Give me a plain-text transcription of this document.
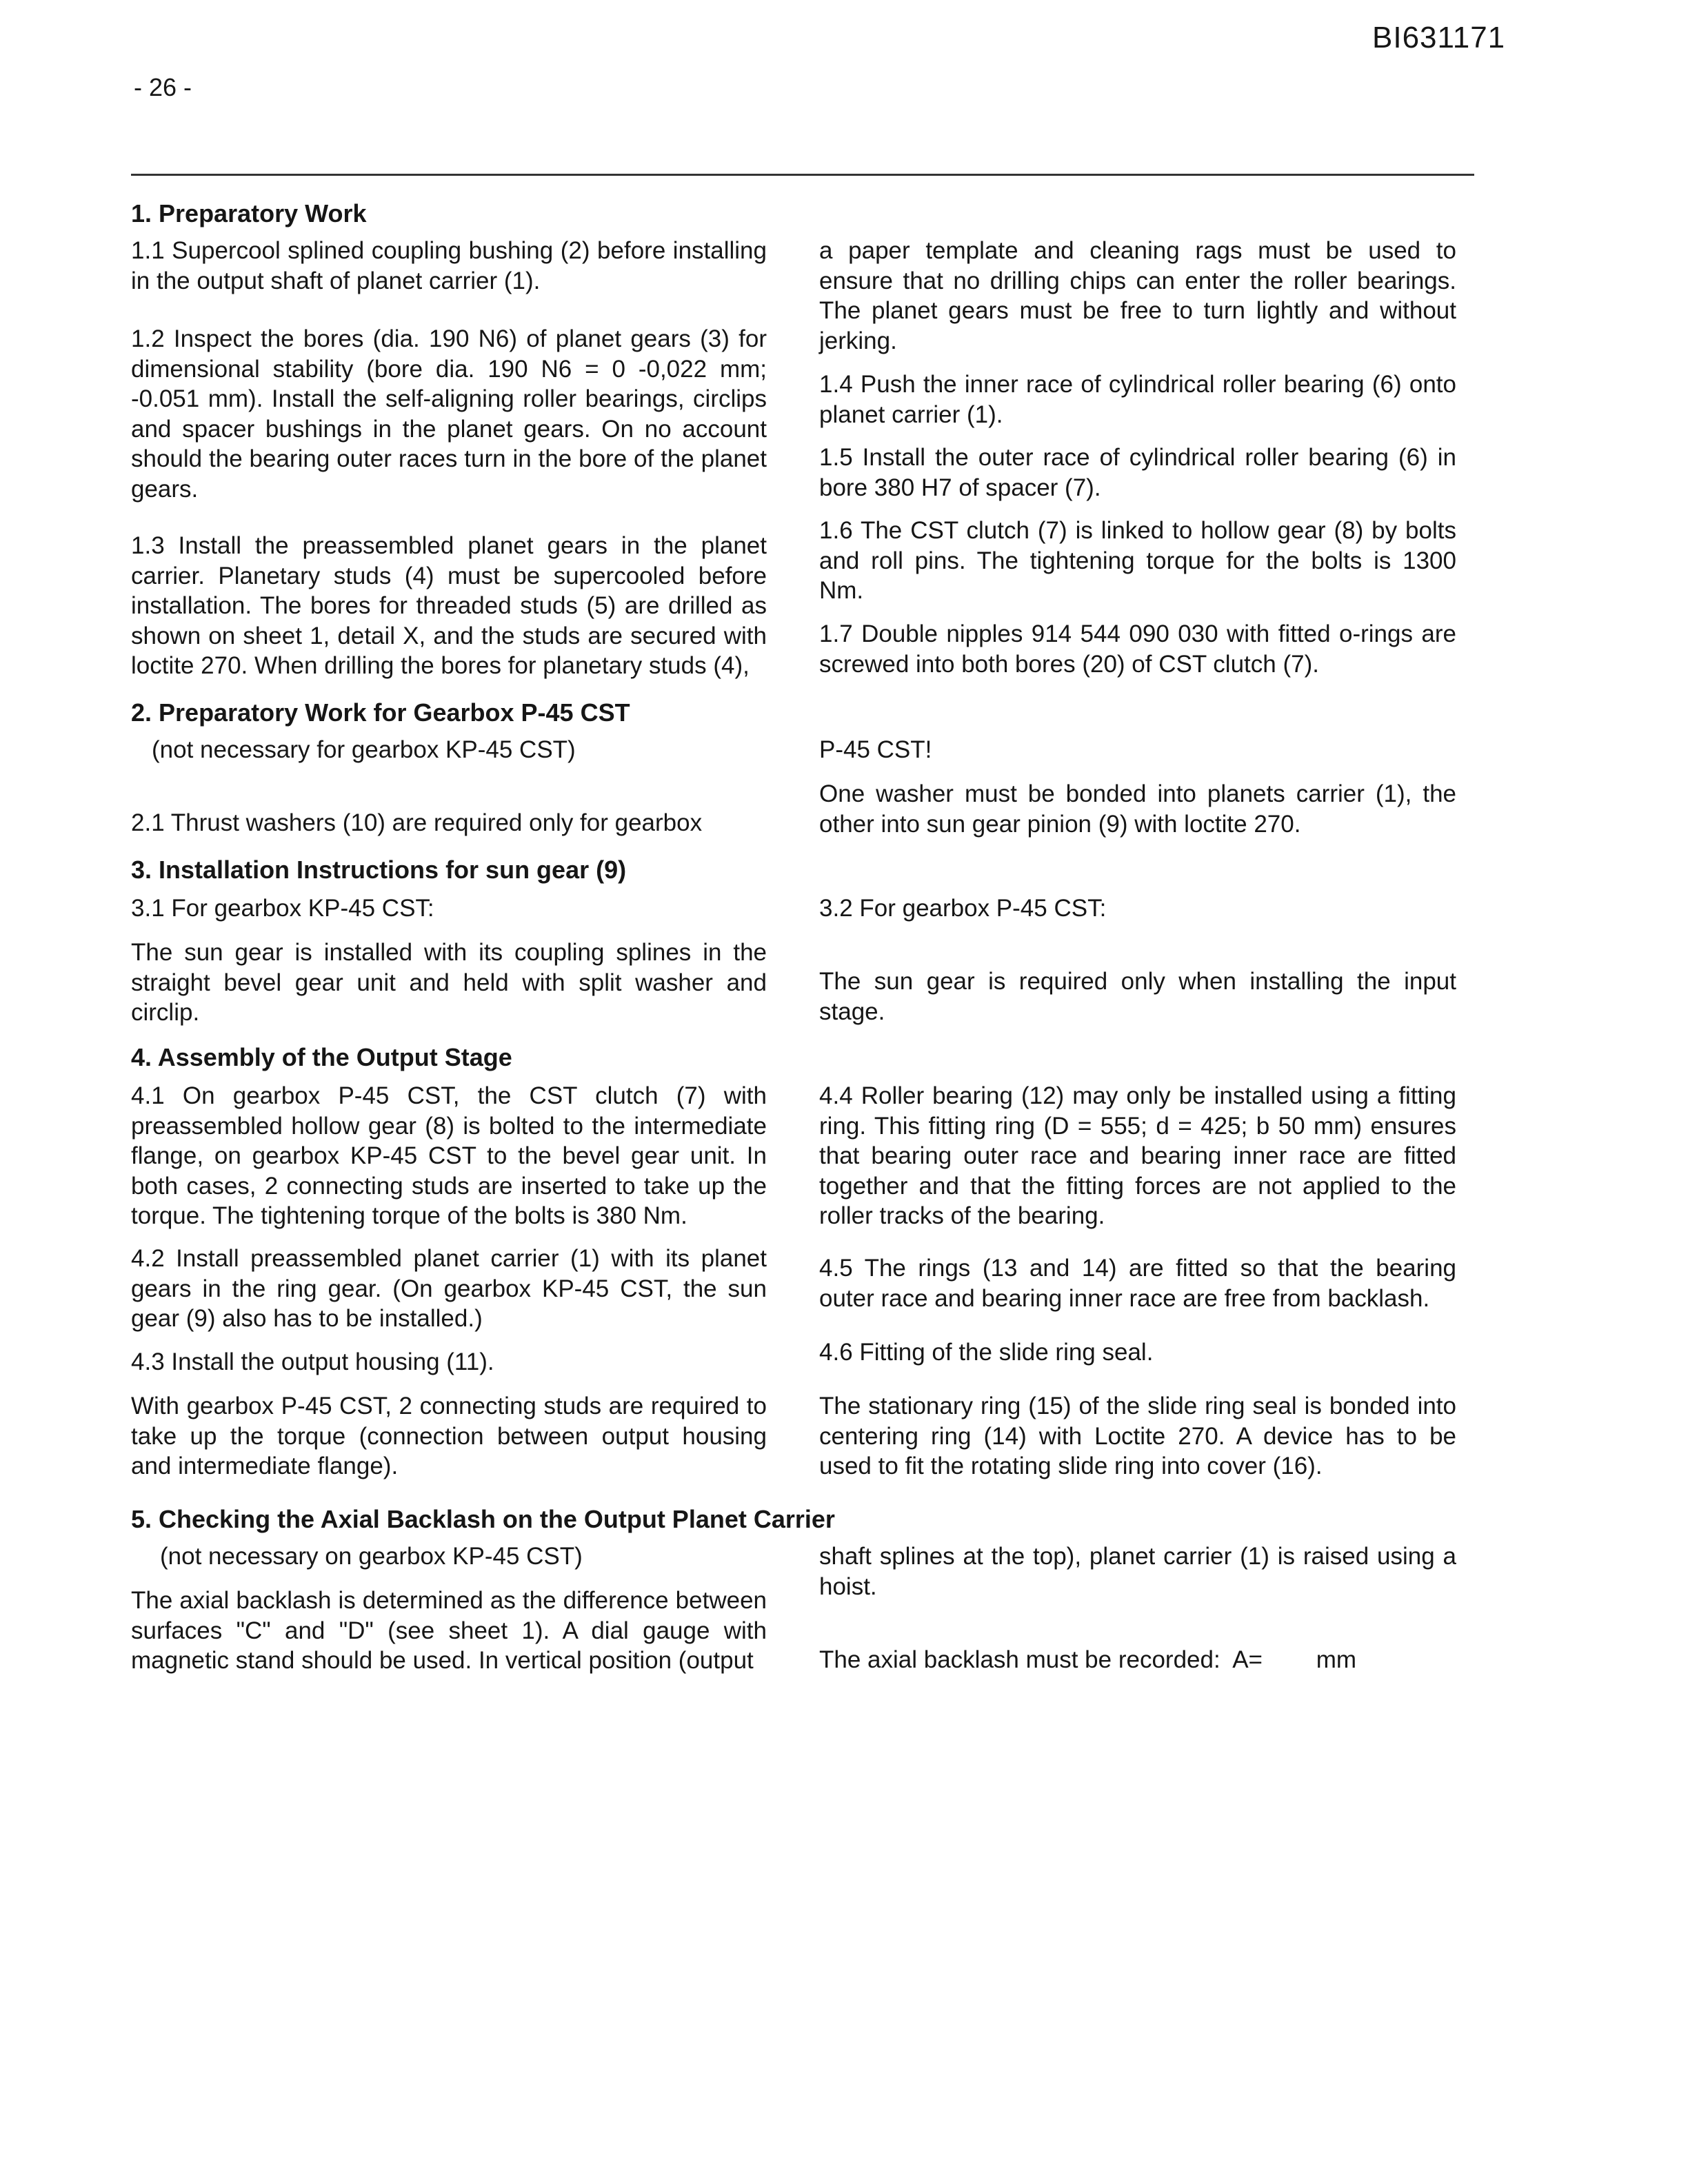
BI631171
- 26 -
1. Preparatory Work

1.1 Supercool splined coupling bushing (2) before installing in the output shaft of planet carrier (1).

1.2 Inspect the bores (dia. 190 N6) of planet gears (3) for dimensional stability (bore dia. 190 N6 = 0 -0,022 mm; -0.051 mm). Install the self-aligning roller bearings, circlips and spacer bushings in the planet gears. On no account should the bearing outer races turn in the bore of the planet gears.

1.3 Install the preassembled planet gears in the planet carrier. Planetary studs (4) must be supercooled before installation. The bores for threaded studs (5) are drilled as shown on sheet 1, detail X, and the studs are secured with loctite 270. When drilling the bores for planetary studs (4),

a paper template and cleaning rags must be used to ensure that no drilling chips can enter the roller bearings. The planet gears must be free to turn lightly and without jerking.

1.4 Push the inner race of cylindrical roller bearing (6) onto planet carrier (1).

1.5 Install the outer race of cylindrical roller bearing (6) in bore 380 H7 of spacer (7).

1.6 The CST clutch (7) is linked to hollow gear (8) by bolts and roll pins. The tightening torque for the bolts is 1300 Nm.

1.7 Double nipples 914 544 090 030 with fitted o-rings are screwed into both bores (20) of CST clutch (7).

2. Preparatory Work for Gearbox P-45 CST

(not necessary for gearbox KP-45 CST)

2.1 Thrust washers (10) are required only for gearbox

P-45 CST!

One washer must be bonded into planets carrier (1), the other into sun gear pinion (9) with loctite 270.

3. Installation Instructions for sun gear (9)

3.1 For gearbox KP-45 CST:

The sun gear is installed with its coupling splines in the straight bevel gear unit and held with split washer and circlip.

3.2 For gearbox P-45 CST:

The sun gear is required only when installing the input stage.

4. Assembly of the Output Stage

4.1 On gearbox P-45 CST, the CST clutch (7) with preassembled hollow gear (8) is bolted to the intermediate flange, on gearbox KP-45 CST to the bevel gear unit. In both cases, 2 connecting studs are inserted to take up the torque. The tightening torque of the bolts is 380 Nm.

4.2 Install preassembled planet carrier (1) with its planet gears in the ring gear. (On gearbox KP-45 CST, the sun gear (9) also has to be installed.)

4.3 Install the output housing (11).

With gearbox P-45 CST, 2 connecting studs are required to take up the torque (connection between output housing and intermediate flange).

4.4 Roller bearing (12) may only be installed using a fitting ring. This fitting ring (D = 555; d = 425; b 50 mm) ensures that bearing outer race and bearing inner race are fitted together and that the fitting forces are not applied to the roller tracks of the bearing.

4.5 The rings (13 and 14) are fitted so that the bearing outer race and bearing inner race are free from backlash.

4.6 Fitting of the slide ring seal.

The stationary ring (15) of the slide ring seal is bonded into centering ring (14) with Loctite 270. A device has to be used to fit the rotating slide ring into cover (16).

5. Checking the Axial Backlash on the Output Planet Carrier

(not necessary on gearbox KP-45 CST)

The axial backlash is determined as the difference between surfaces "C" and "D" (see sheet 1). A dial gauge with magnetic stand should be used. In vertical position (output

shaft splines at the top), planet carrier (1) is raised using a hoist.

The axial backlash must be recorded:  A=        mm
